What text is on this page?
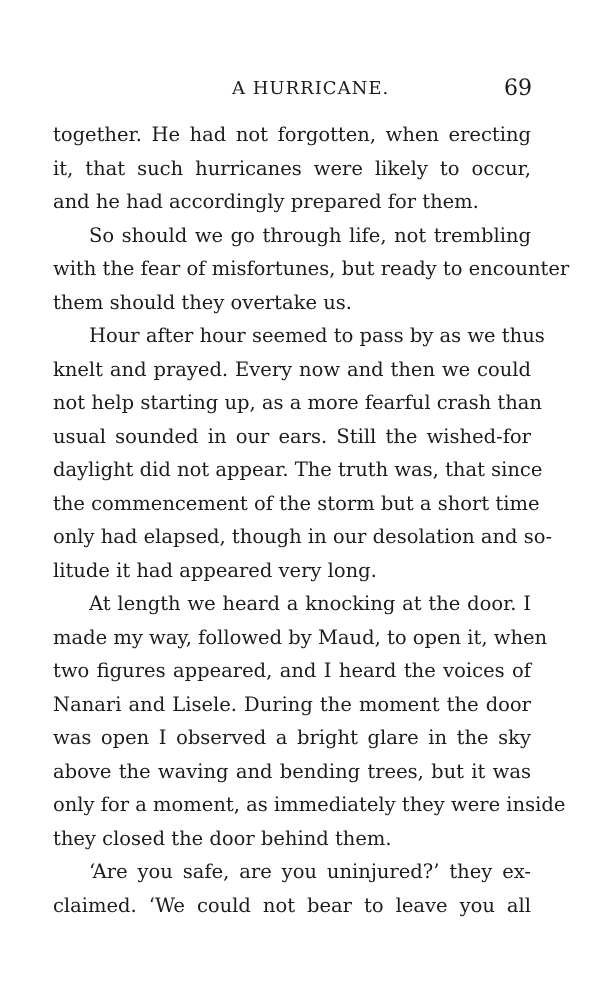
A HURRICANE.	69
together. He had not forgotten, when erecting
it, that such hurricanes were likely to occur,
and he had accordingly prepared for them.
So should we go through life, not trembling
with the fear of misfortunes, but ready to encounter
them should they overtake us.
Hour after hour seemed to pass by as we thus
knelt and prayed. Every now and then we could
not help starting up, as a more fearful crash than
usual sounded in our ears. Still the wished-for
daylight did not appear. The truth was, that since
the commencement of the storm but a short time
only had elapsed, though in our desolation and so-
litude it had appeared very long.
At length we heard a knocking at the door. I
made my way, followed by Maud, to open it, when
two figures appeared, and I heard the voices of
Nanari and Lisele. During the moment the door
was open I observed a bright glare in the sky
above the waving and bending trees, but it was
only for a moment, as immediately they were inside
they closed the door behind them.
‘Are you safe, are you uninjured?’ they ex-
claimed. ‘We could not bear to leave you all
